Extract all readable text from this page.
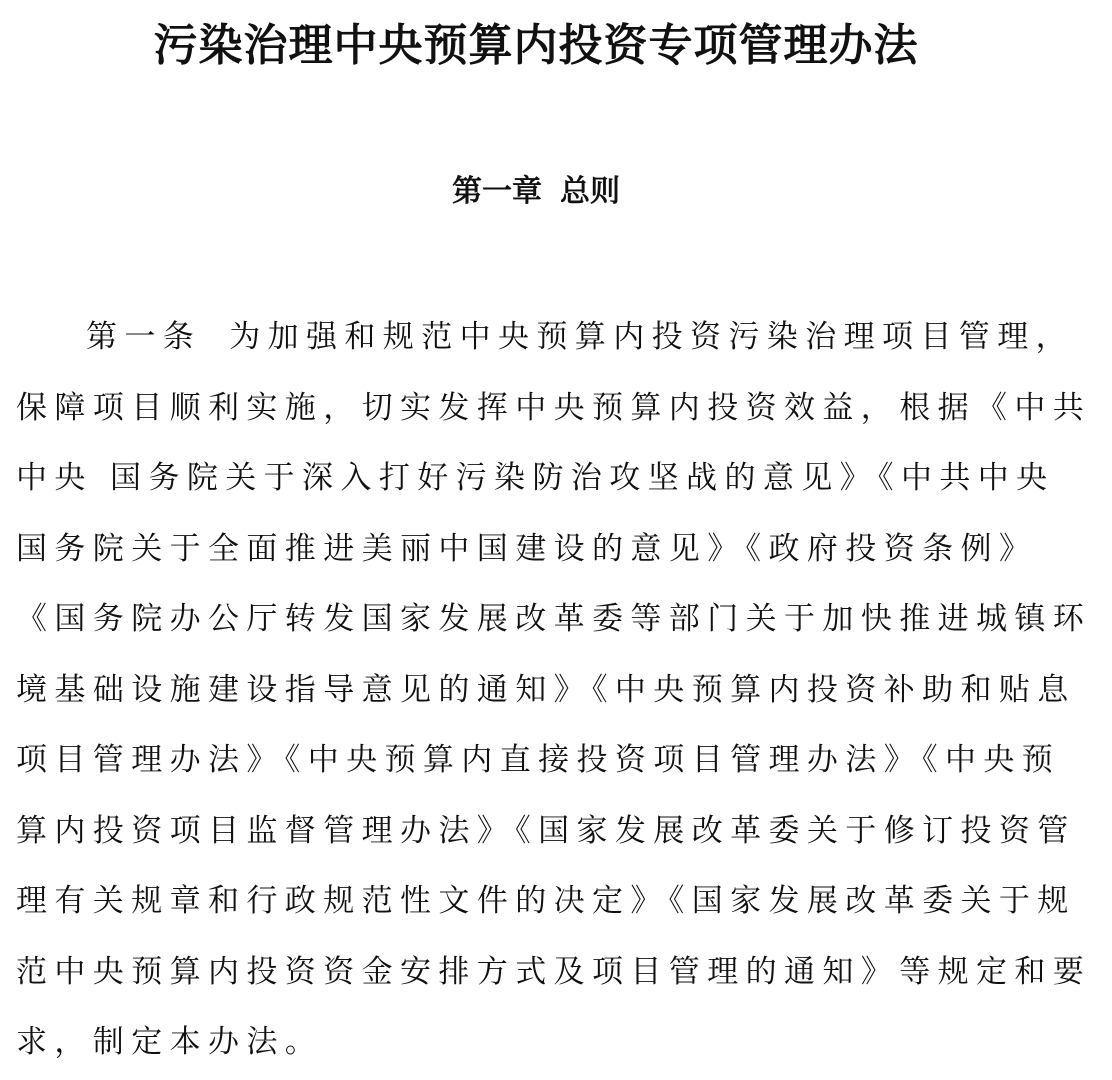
污染治理中央预算内投资专项管理办法
第一章 总则
第一条 为加强和规范中央预算内投资污染治理项目管理，
保障项目顺利实施，切实发挥中央预算内投资效益，根据《中共
中央 国务院关于深入打好污染防治攻坚战的意见》《中共中央
国务院关于全面推进美丽中国建设的意见》《政府投资条例》
《国务院办公厅转发国家发展改革委等部门关于加快推进城镇环
境基础设施建设指导意见的通知》《中央预算内投资补助和贴息
项目管理办法》《中央预算内直接投资项目管理办法》《中央预
算内投资项目监督管理办法》《国家发展改革委关于修订投资管
理有关规章和行政规范性文件的决定》《国家发展改革委关于规
范中央预算内投资资金安排方式及项目管理的通知》等规定和要
求，制定本办法。
